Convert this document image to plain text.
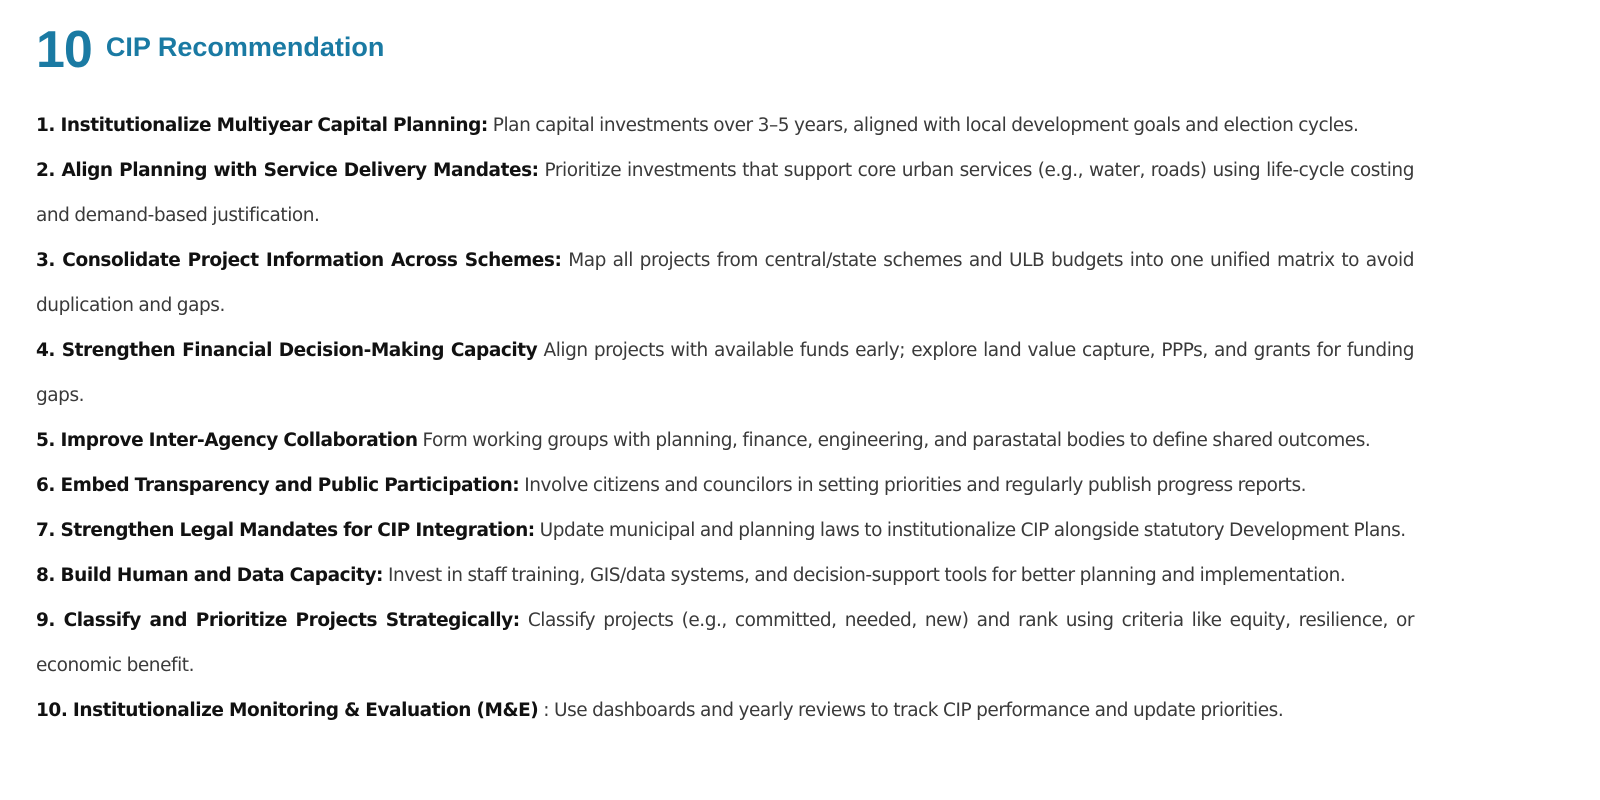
10 CIP Recommendation
1. Institutionalize Multiyear Capital Planning: Plan capital investments over 3–5 years, aligned with local development goals and election cycles.
2. Align Planning with Service Delivery Mandates: Prioritize investments that support core urban services (e.g., water, roads) using life-cycle costing and demand-based justification.
3. Consolidate Project Information Across Schemes: Map all projects from central/state schemes and ULB budgets into one unified matrix to avoid duplication and gaps.
4. Strengthen Financial Decision-Making Capacity Align projects with available funds early; explore land value capture, PPPs, and grants for funding gaps.
5. Improve Inter-Agency Collaboration Form working groups with planning, finance, engineering, and parastatal bodies to define shared outcomes.
6. Embed Transparency and Public Participation: Involve citizens and councilors in setting priorities and regularly publish progress reports.
7. Strengthen Legal Mandates for CIP Integration: Update municipal and planning laws to institutionalize CIP alongside statutory Development Plans.
8. Build Human and Data Capacity: Invest in staff training, GIS/data systems, and decision-support tools for better planning and implementation.
9. Classify and Prioritize Projects Strategically: Classify projects (e.g., committed, needed, new) and rank using criteria like equity, resilience, or economic benefit.
10. Institutionalize Monitoring & Evaluation (M&E) : Use dashboards and yearly reviews to track CIP performance and update priorities.
